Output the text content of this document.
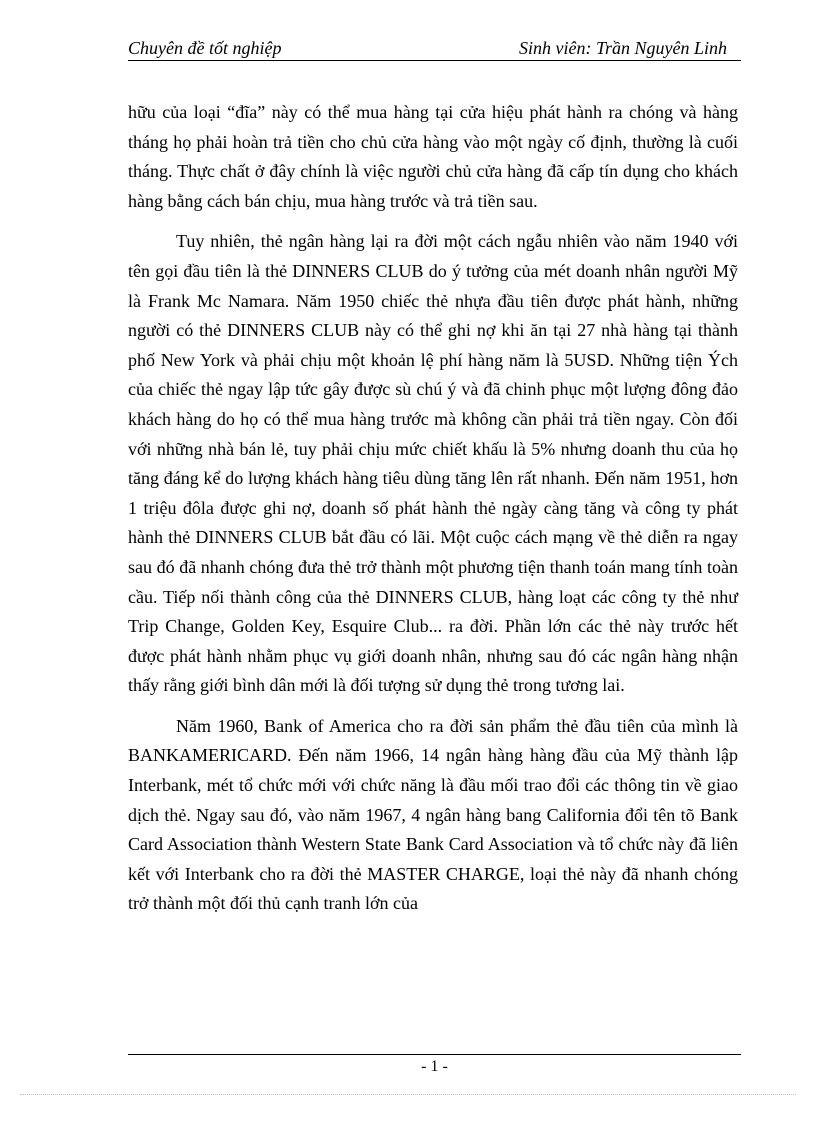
Chuyên đề tốt nghiệp	Sinh viên: Trần Nguyên Linh

hữu của loại “đĩa” này có thể mua hàng tại cửa hiệu phát hành ra chóng và hàng tháng họ phải hoàn trả tiền cho chủ cửa hàng vào một ngày cố định, thường là cuối tháng. Thực chất ở đây chính là việc người chủ cửa hàng đã cấp tín dụng cho khách hàng bằng cách bán chịu, mua hàng trước và trả tiền sau.

Tuy nhiên, thẻ ngân hàng lại ra đời một cách ngẫu nhiên vào năm 1940 với tên gọi đầu tiên là thẻ DINNERS CLUB do ý tưởng của mét doanh nhân người Mỹ là Frank Mc Namara. Năm 1950 chiếc thẻ nhựa đầu tiên được phát hành, những người có thẻ DINNERS CLUB này có thể ghi nợ khi ăn tại 27 nhà hàng tại thành phố New York và phải chịu một khoản lệ phí hàng năm là 5USD. Những tiện Ých của chiếc thẻ ngay lập tức gây được sù chú ý và đã chinh phục một lượng đông đảo khách hàng do họ có thể mua hàng trước mà không cần phải trả tiền ngay. Còn đối với những nhà bán lẻ, tuy phải chịu mức chiết khấu là 5% nhưng doanh thu của họ tăng đáng kể do lượng khách hàng tiêu dùng tăng lên rất nhanh. Đến năm 1951, hơn 1 triệu đôla được ghi nợ, doanh số phát hành thẻ ngày càng tăng và công ty phát hành thẻ DINNERS CLUB bắt đầu có lãi. Một cuộc cách mạng về thẻ diễn ra ngay sau đó đã nhanh chóng đưa thẻ trở thành một phương tiện thanh toán mang tính toàn cầu. Tiếp nối thành công của thẻ DINNERS CLUB, hàng loạt các công ty thẻ như Trip Change, Golden Key, Esquire Club... ra đời. Phần lớn các thẻ này trước hết được phát hành nhằm phục vụ giới doanh nhân, nhưng sau đó các ngân hàng nhận thấy rằng giới bình dân mới là đối tượng sử dụng thẻ trong tương lai.

Năm 1960, Bank of America cho ra đời sản phẩm thẻ đầu tiên của mình là BANKAMERICARD. Đến năm 1966, 14 ngân hàng hàng đầu của Mỹ thành lập Interbank, mét tổ chức mới với chức năng là đầu mối trao đổi các thông tin về giao dịch thẻ. Ngay sau đó, vào năm 1967, 4 ngân hàng bang California đổi tên tõ Bank Card Association thành Western State Bank Card Association và tổ chức này đã liên kết với Interbank cho ra đời thẻ MASTER CHARGE, loại thẻ này đã nhanh chóng trở thành một đối thủ cạnh tranh lớn của

- 1 -
